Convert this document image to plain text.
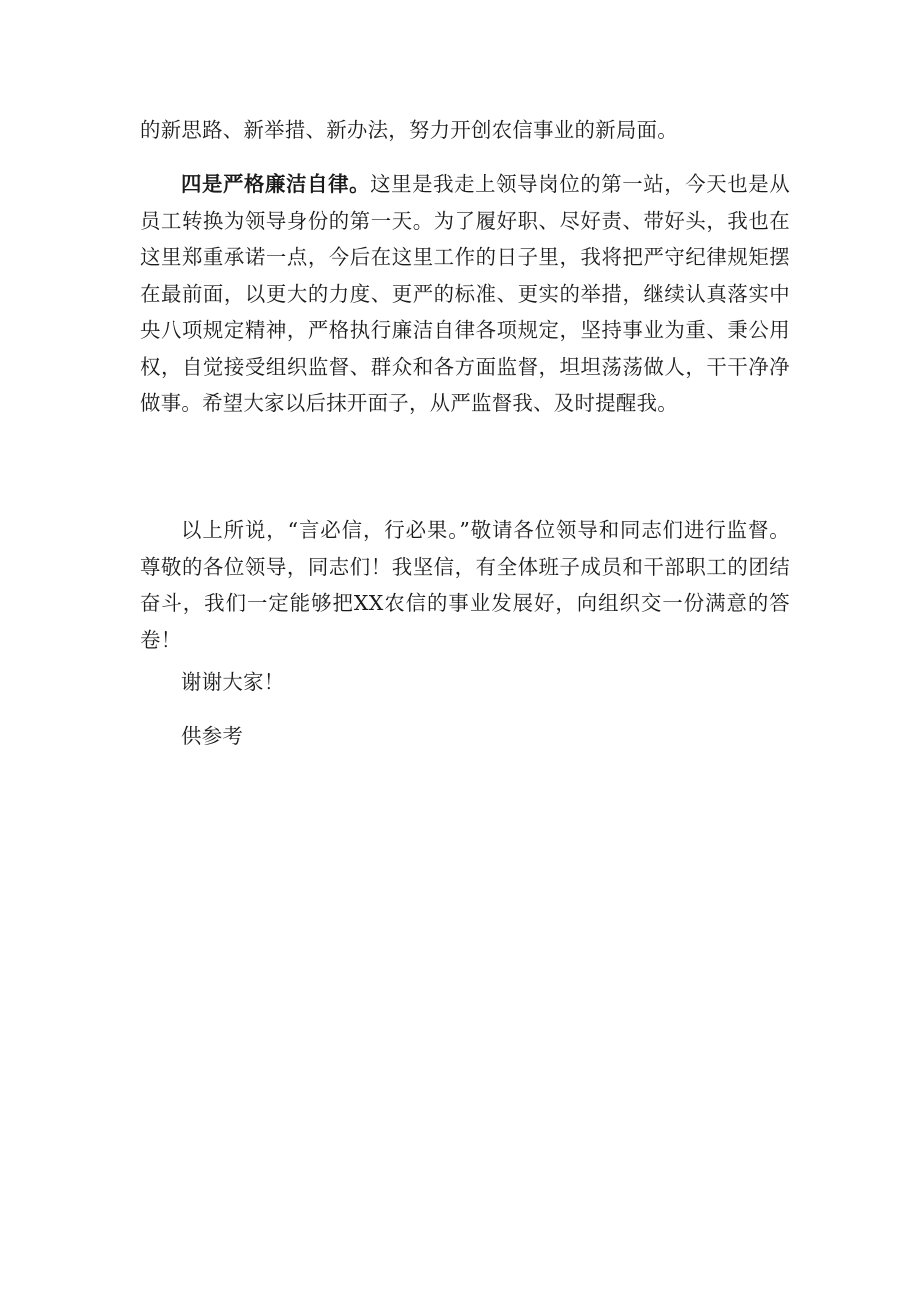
的新思路、新举措、新办法，努力开创农信事业的新局面。

四是严格廉洁自律。这里是我走上领导岗位的第一站，今天也是从员工转换为领导身份的第一天。为了履好职、尽好责、带好头，我也在这里郑重承诺一点，今后在这里工作的日子里，我将把严守纪律规矩摆在最前面，以更大的力度、更严的标准、更实的举措，继续认真落实中央八项规定精神，严格执行廉洁自律各项规定，坚持事业为重、秉公用权，自觉接受组织监督、群众和各方面监督，坦坦荡荡做人，干干净净做事。希望大家以后抹开面子，从严监督我、及时提醒我。

以上所说，“言必信，行必果。”敬请各位领导和同志们进行监督。尊敬的各位领导，同志们！我坚信，有全体班子成员和干部职工的团结奋斗，我们一定能够把XX农信的事业发展好，向组织交一份满意的答卷！

谢谢大家！

供参考
